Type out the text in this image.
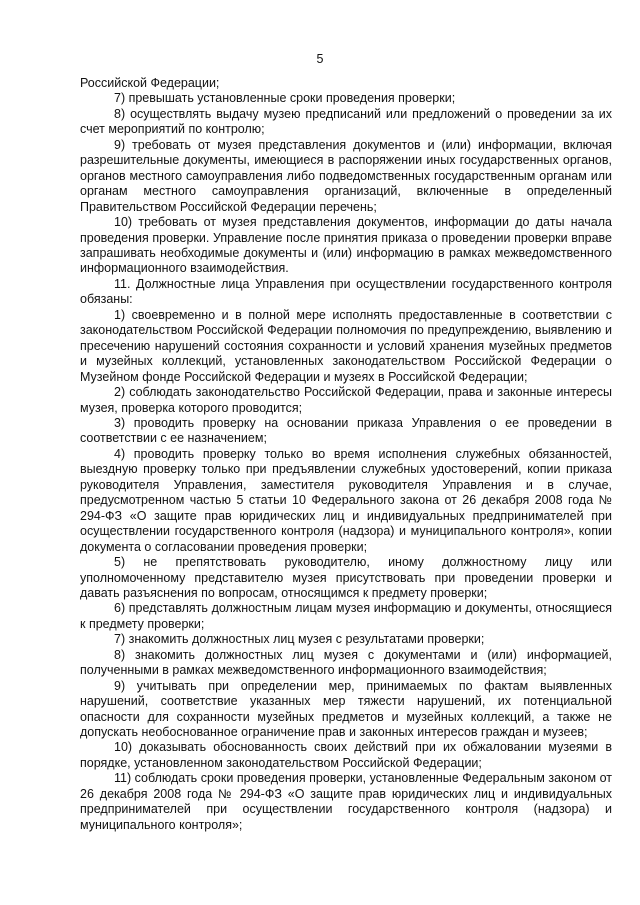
5

Российской Федерации;

7) превышать установленные сроки проведения проверки;

8) осуществлять выдачу музею предписаний или предложений о проведении за их счет мероприятий по контролю;

9) требовать от музея представления документов и (или) информации, включая разрешительные документы, имеющиеся в распоряжении иных государственных органов, органов местного самоуправления либо подведомственных государственным органам или органам местного самоуправления организаций, включенные в определенный Правительством Российской Федерации перечень;

10) требовать от музея представления документов, информации до даты начала проведения проверки. Управление после принятия приказа о проведении проверки вправе запрашивать необходимые документы и (или) информацию в рамках межведомственного информационного взаимодействия.

11. Должностные лица Управления при осуществлении государственного контроля обязаны:

1) своевременно и в полной мере исполнять предоставленные в соответствии с законодательством Российской Федерации полномочия по предупреждению, выявлению и пресечению нарушений состояния сохранности и условий хранения музейных предметов и музейных коллекций, установленных законодательством Российской Федерации о Музейном фонде Российской Федерации и музеях в Российской Федерации;

2) соблюдать законодательство Российской Федерации, права и законные интересы музея, проверка которого проводится;

3) проводить проверку на основании приказа Управления о ее проведении в соответствии с ее назначением;

4) проводить проверку только во время исполнения служебных обязанностей, выездную проверку только при предъявлении служебных удостоверений, копии приказа руководителя Управления, заместителя руководителя Управления и в случае, предусмотренном частью 5 статьи 10 Федерального закона от 26 декабря 2008 года № 294-ФЗ «О защите прав юридических лиц и индивидуальных предпринимателей при осуществлении государственного контроля (надзора) и муниципального контроля», копии документа о согласовании проведения проверки;

5) не препятствовать руководителю, иному должностному лицу или уполномоченному представителю музея присутствовать при проведении проверки и давать разъяснения по вопросам, относящимся к предмету проверки;

6) представлять должностным лицам музея информацию и документы, относящиеся к предмету проверки;

7) знакомить должностных лиц музея с результатами проверки;

8) знакомить должностных лиц музея с документами и (или) информацией, полученными в рамках межведомственного информационного взаимодействия;

9) учитывать при определении мер, принимаемых по фактам выявленных нарушений, соответствие указанных мер тяжести нарушений, их потенциальной опасности для сохранности музейных предметов и музейных коллекций, а также не допускать необоснованное ограничение прав и законных интересов граждан и музеев;

10) доказывать обоснованность своих действий при их обжаловании музеями в порядке, установленном законодательством Российской Федерации;

11) соблюдать сроки проведения проверки, установленные Федеральным законом от 26 декабря 2008 года № 294-ФЗ «О защите прав юридических лиц и индивидуальных предпринимателей при осуществлении государственного контроля (надзора) и муниципального контроля»;
